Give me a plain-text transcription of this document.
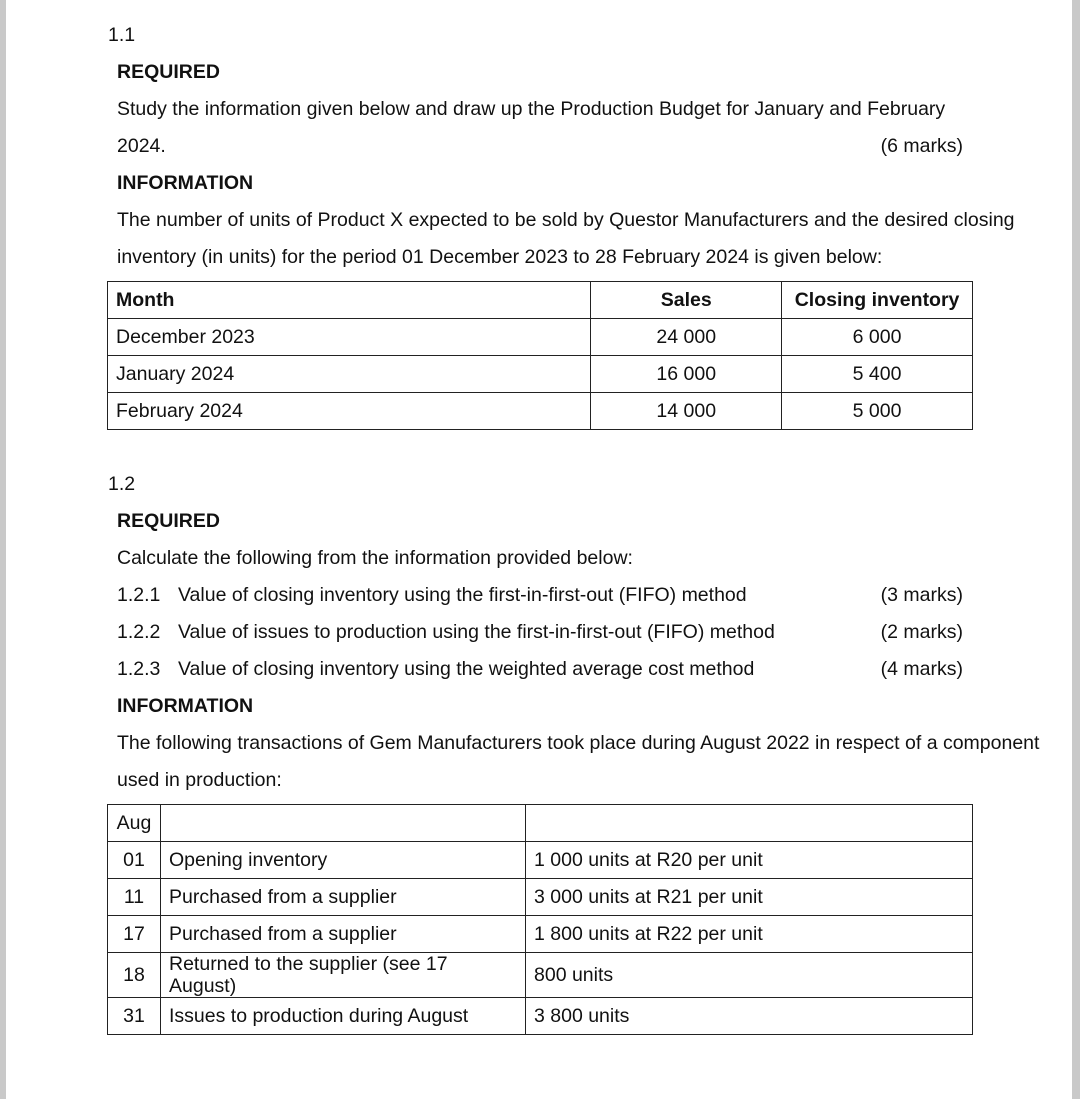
1.1
REQUIRED
Study the information given below and draw up the Production Budget for January and February
2024.	(6 marks)
INFORMATION
The number of units of Product X expected to be sold by Questor Manufacturers and the desired closing
inventory (in units) for the period 01 December 2023 to 28 February 2024 is given below:
Month	Sales	Closing inventory
December 2023	24 000	6 000
January 2024	16 000	5 400
February 2024	14 000	5 000
1.2
REQUIRED
Calculate the following from the information provided below:
1.2.1 Value of closing inventory using the first-in-first-out (FIFO) method	(3 marks)
1.2.2 Value of issues to production using the first-in-first-out (FIFO) method	(2 marks)
1.2.3 Value of closing inventory using the weighted average cost method	(4 marks)
INFORMATION
The following transactions of Gem Manufacturers took place during August 2022 in respect of a component
used in production:
Aug		
01	Opening inventory	1 000 units at R20 per unit
11	Purchased from a supplier	3 000 units at R21 per unit
17	Purchased from a supplier	1 800 units at R22 per unit
18	Returned to the supplier (see 17 August)	800 units
31	Issues to production during August	3 800 units
